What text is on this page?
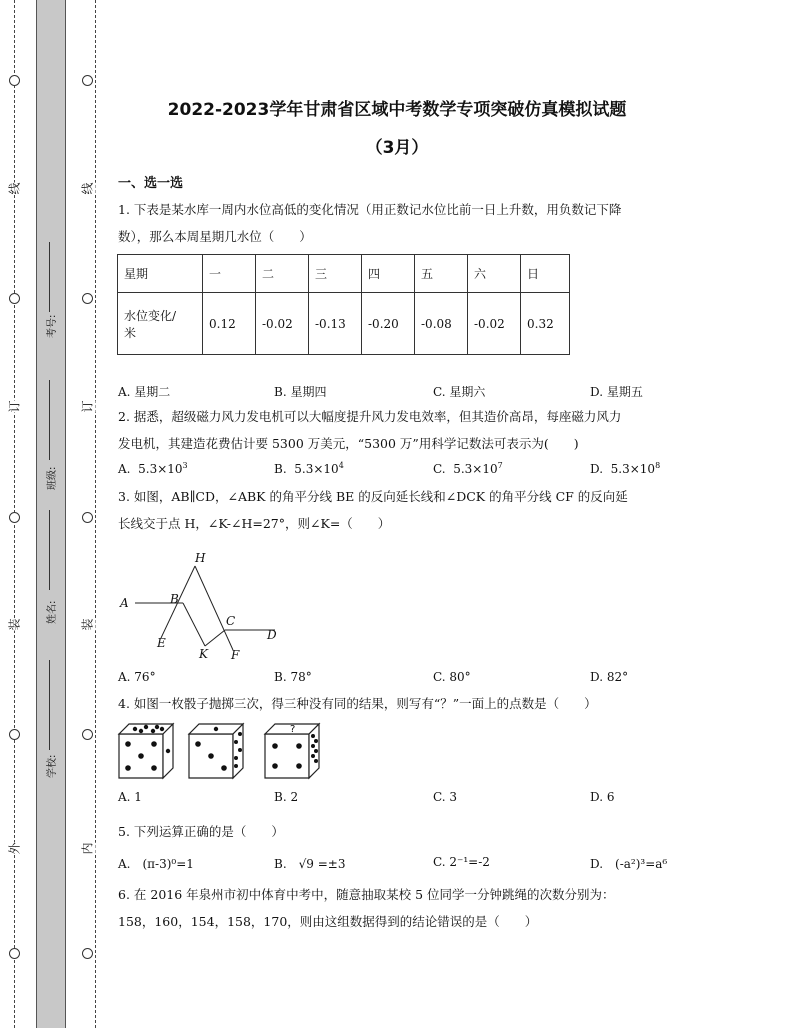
线
订
装
外
线
订
装
内
考号:
班级:
姓名:
学校:
2022-2023学年甘肃省区域中考数学专项突破仿真模拟试题
（3月）
一、选一选
1. 下表是某水库一周内水位高低的变化情况（用正数记水位比前一日上升数，用负数记下降
数），那么本周星期几水位（　　）
星期	一	二	三	四	五	六	日
水位变化/
米	0.12	-0.02	-0.13	-0.20	-0.08	-0.02	0.32
A. 星期二	B. 星期四	C. 星期六	D. 星期五
2. 据悉，超级磁力风力发电机可以大幅度提升风力发电效率，但其造价高昂，每座磁力风力
发电机，其建造花费估计要 5300 万美元，“5300 万”用科学记数法可表示为(　　)
A. $5.3\times 10^3$	B. $5.3\times 10^4$	C. $5.3\times 10^7$	D. $5.3\times 10^8$
3. 如图，AB∥CD，∠ABK 的角平分线 BE 的反向延长线和∠DCK 的角平分线 CF 的反向延
长线交于点 H，∠K-∠H=27°，则∠K=（　　）
H
A	B
E
K
C
F
D
A. 76°	B. 78°	C. 80°	D. 82°
4. 如图一枚骰子抛掷三次，得三种没有同的结果，则写有“？”一面上的点数是（　　）
?
A. 1	B. 2	C. 3	D. 6
5. 下列运算正确的是（　　）
A.　(π-3)⁰=1	B.　√9 =±3	C. 2⁻¹=-2	D.　(-a²)³=a⁶
6. 在 2016 年泉州市初中体育中考中，随意抽取某校 5 位同学一分钟跳绳的次数分别为：
158，160，154，158，170，则由这组数据得到的结论错误的是（　　）
